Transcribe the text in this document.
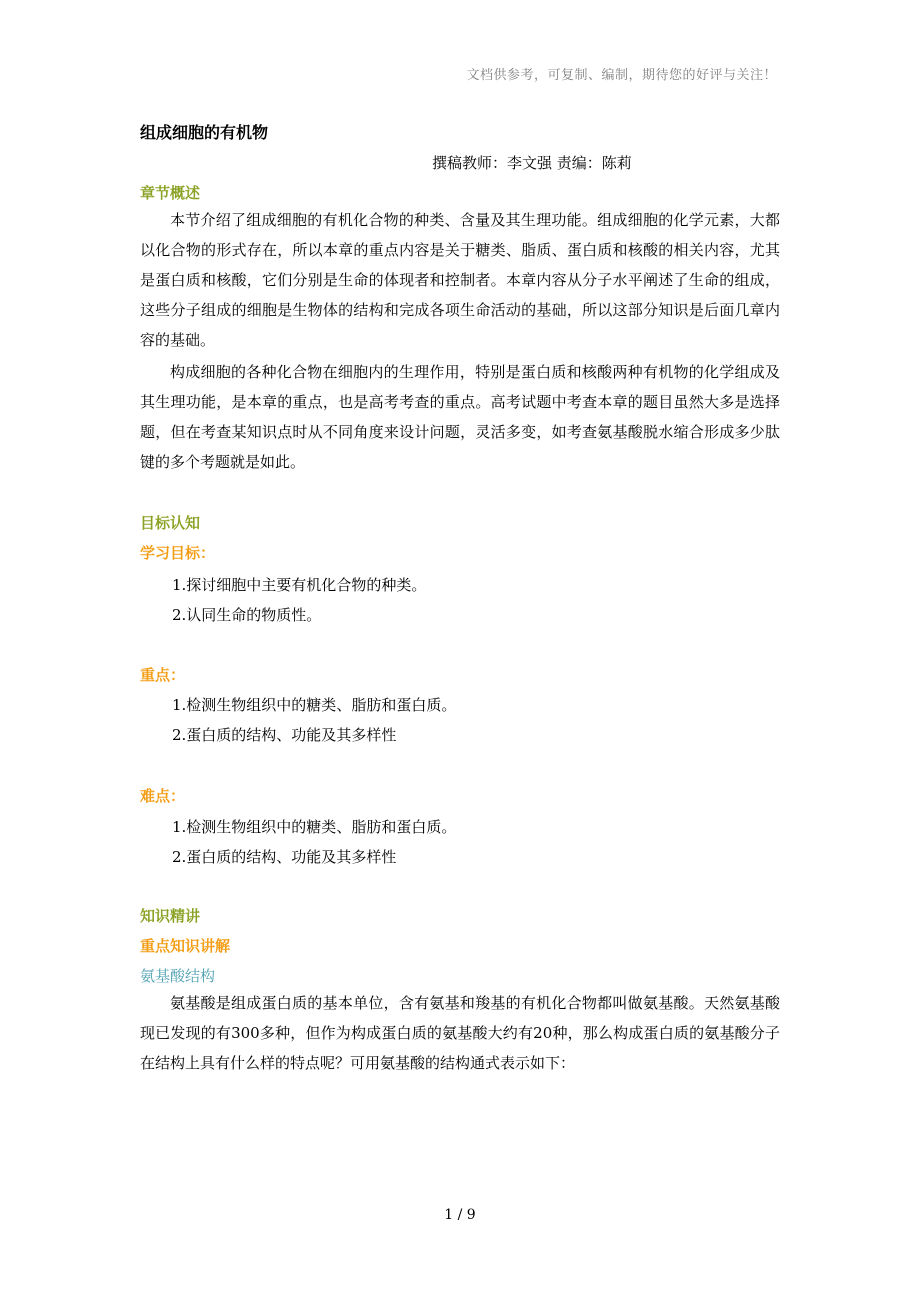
文档供参考，可复制、编制，期待您的好评与关注！
组成细胞的有机物
撰稿教师：李文强 责编：陈莉
章节概述
本节介绍了组成细胞的有机化合物的种类、含量及其生理功能。组成细胞的化学元素，大都以化合物的形式存在，所以本章的重点内容是关于糖类、脂质、蛋白质和核酸的相关内容，尤其是蛋白质和核酸，它们分别是生命的体现者和控制者。本章内容从分子水平阐述了生命的组成，这些分子组成的细胞是生物体的结构和完成各项生命活动的基础，所以这部分知识是后面几章内容的基础。
构成细胞的各种化合物在细胞内的生理作用，特别是蛋白质和核酸两种有机物的化学组成及其生理功能，是本章的重点，也是高考考查的重点。高考试题中考查本章的题目虽然大多是选择题，但在考查某知识点时从不同角度来设计问题，灵活多变，如考查氨基酸脱水缩合形成多少肽键的多个考题就是如此。
目标认知
学习目标：
1.探讨细胞中主要有机化合物的种类。
2.认同生命的物质性。
重点：
1.检测生物组织中的糖类、脂肪和蛋白质。
2.蛋白质的结构、功能及其多样性
难点：
1.检测生物组织中的糖类、脂肪和蛋白质。
2.蛋白质的结构、功能及其多样性
知识精讲
重点知识讲解
氨基酸结构
氨基酸是组成蛋白质的基本单位，含有氨基和羧基的有机化合物都叫做氨基酸。天然氨基酸现已发现的有300多种，但作为构成蛋白质的氨基酸大约有20种，那么构成蛋白质的氨基酸分子在结构上具有什么样的特点呢？可用氨基酸的结构通式表示如下：
1 / 9
